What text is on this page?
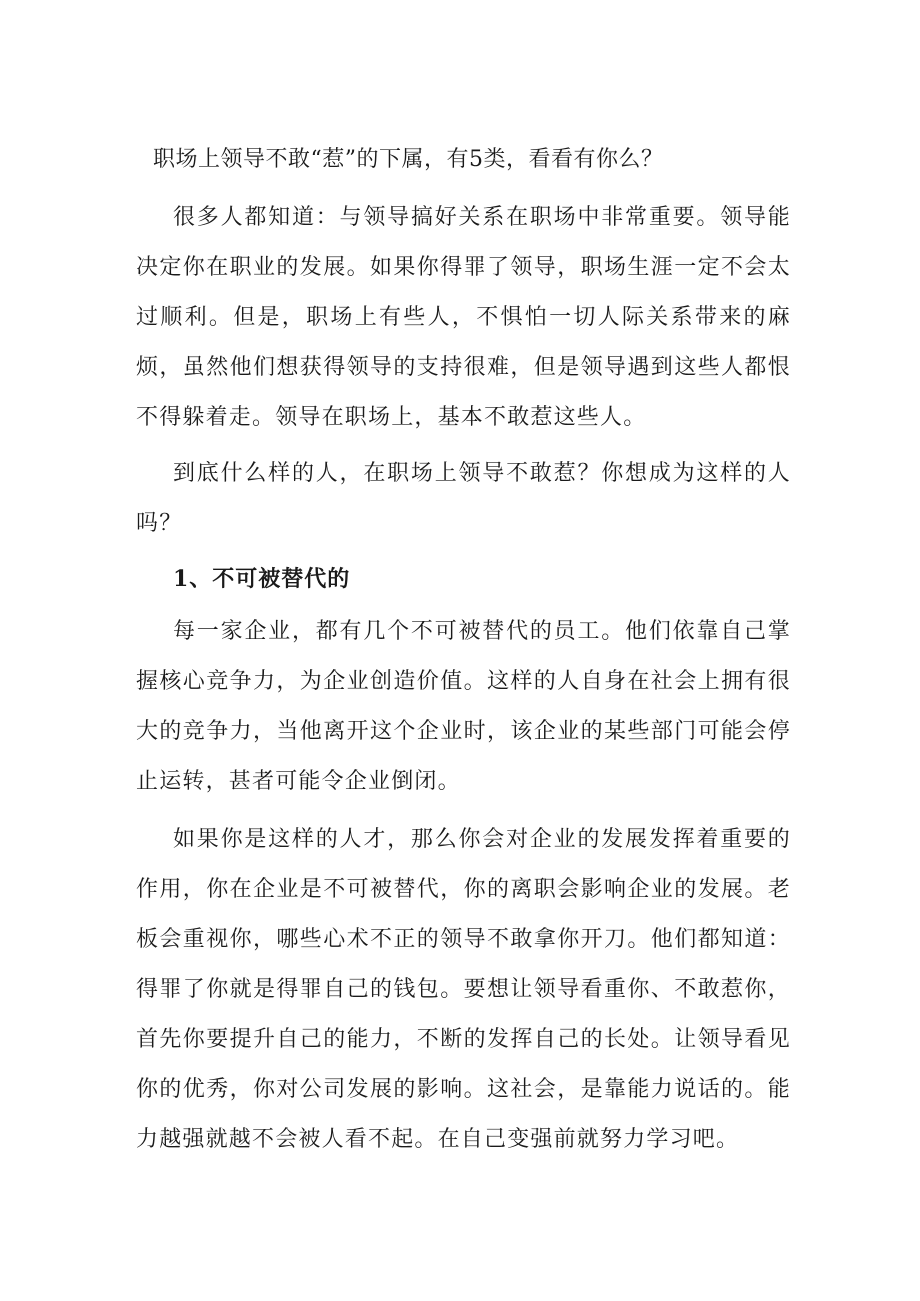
职场上领导不敢“惹”的下属，有5类，看看有你么？

很多人都知道：与领导搞好关系在职场中非常重要。领导能决定你在职业的发展。如果你得罪了领导，职场生涯一定不会太过顺利。但是，职场上有些人，不惧怕一切人际关系带来的麻烦，虽然他们想获得领导的支持很难，但是领导遇到这些人都恨不得躲着走。领导在职场上，基本不敢惹这些人。

到底什么样的人，在职场上领导不敢惹？你想成为这样的人吗？

1、不可被替代的

每一家企业，都有几个不可被替代的员工。他们依靠自己掌握核心竞争力，为企业创造价值。这样的人自身在社会上拥有很大的竞争力，当他离开这个企业时，该企业的某些部门可能会停止运转，甚者可能令企业倒闭。

如果你是这样的人才，那么你会对企业的发展发挥着重要的作用，你在企业是不可被替代，你的离职会影响企业的发展。老板会重视你，哪些心术不正的领导不敢拿你开刀。他们都知道：得罪了你就是得罪自己的钱包。要想让领导看重你、不敢惹你，首先你要提升自己的能力，不断的发挥自己的长处。让领导看见你的优秀，你对公司发展的影响。这社会，是靠能力说话的。能力越强就越不会被人看不起。在自己变强前就努力学习吧。
